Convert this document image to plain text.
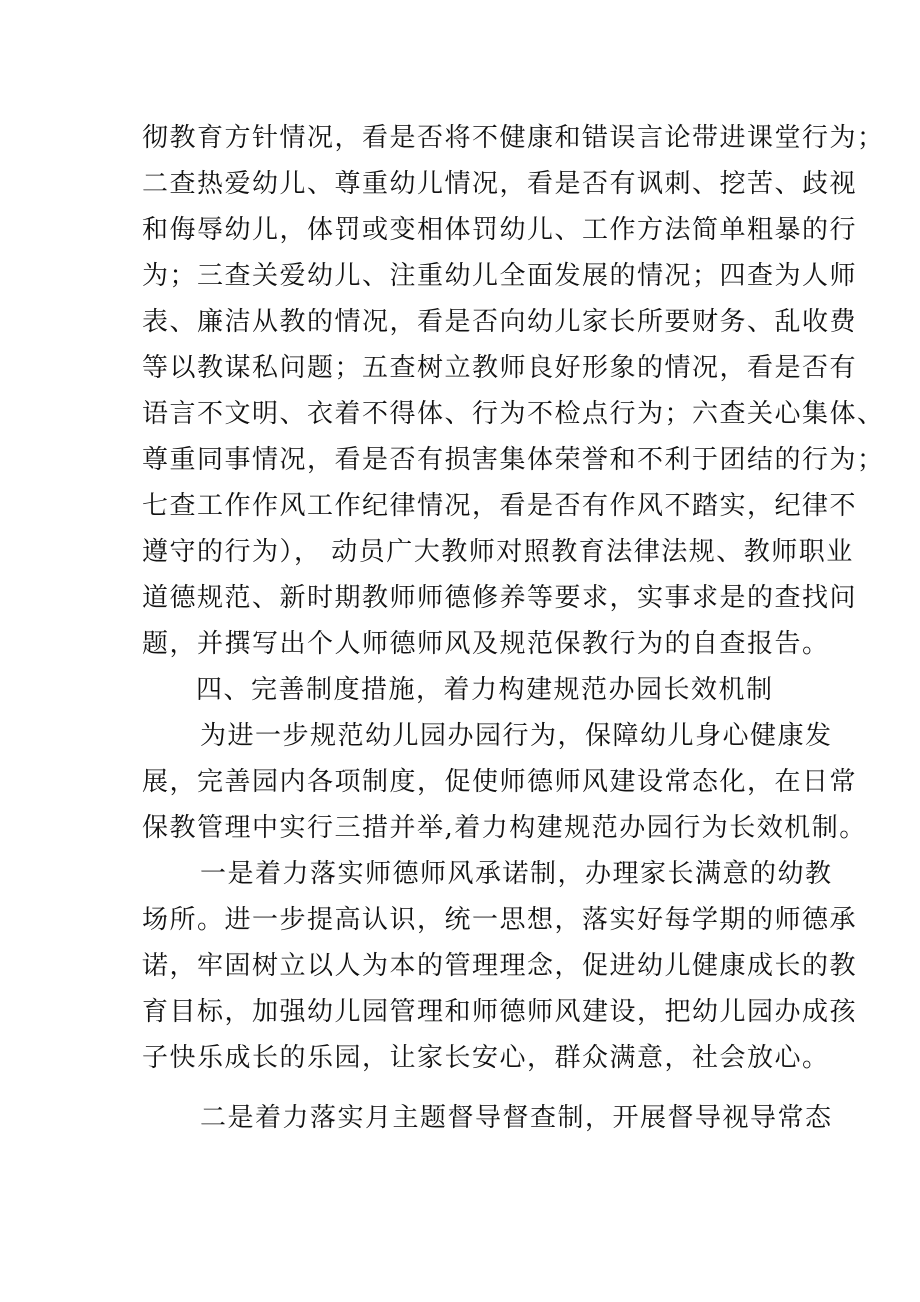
彻教育方针情况，看是否将不健康和错误言论带进课堂行为；
二查热爱幼儿、尊重幼儿情况，看是否有讽刺、挖苦、歧视
和侮辱幼儿，体罚或变相体罚幼儿、工作方法简单粗暴的行
为；三查关爱幼儿、注重幼儿全面发展的情况；四查为人师
表、廉洁从教的情况，看是否向幼儿家长所要财务、乱收费
等以教谋私问题；五查树立教师良好形象的情况，看是否有
语言不文明、衣着不得体、行为不检点行为；六查关心集体、
尊重同事情况，看是否有损害集体荣誉和不利于团结的行为；
七查工作作风工作纪律情况，看是否有作风不踏实，纪律不
遵守的行为）， 动员广大教师对照教育法律法规、教师职业
道德规范、新时期教师师德修养等要求，实事求是的查找问
题，并撰写出个人师德师风及规范保教行为的自查报告。
四、完善制度措施，着力构建规范办园长效机制
为进一步规范幼儿园办园行为，保障幼儿身心健康发
展，完善园内各项制度，促使师德师风建设常态化，在日常
保教管理中实行三措并举,着力构建规范办园行为长效机制。
一是着力落实师德师风承诺制，办理家长满意的幼教
场所。进一步提高认识，统一思想，落实好每学期的师德承
诺，牢固树立以人为本的管理理念，促进幼儿健康成长的教
育目标，加强幼儿园管理和师德师风建设，把幼儿园办成孩
子快乐成长的乐园，让家长安心，群众满意，社会放心。
二是着力落实月主题督导督查制，开展督导视导常态
